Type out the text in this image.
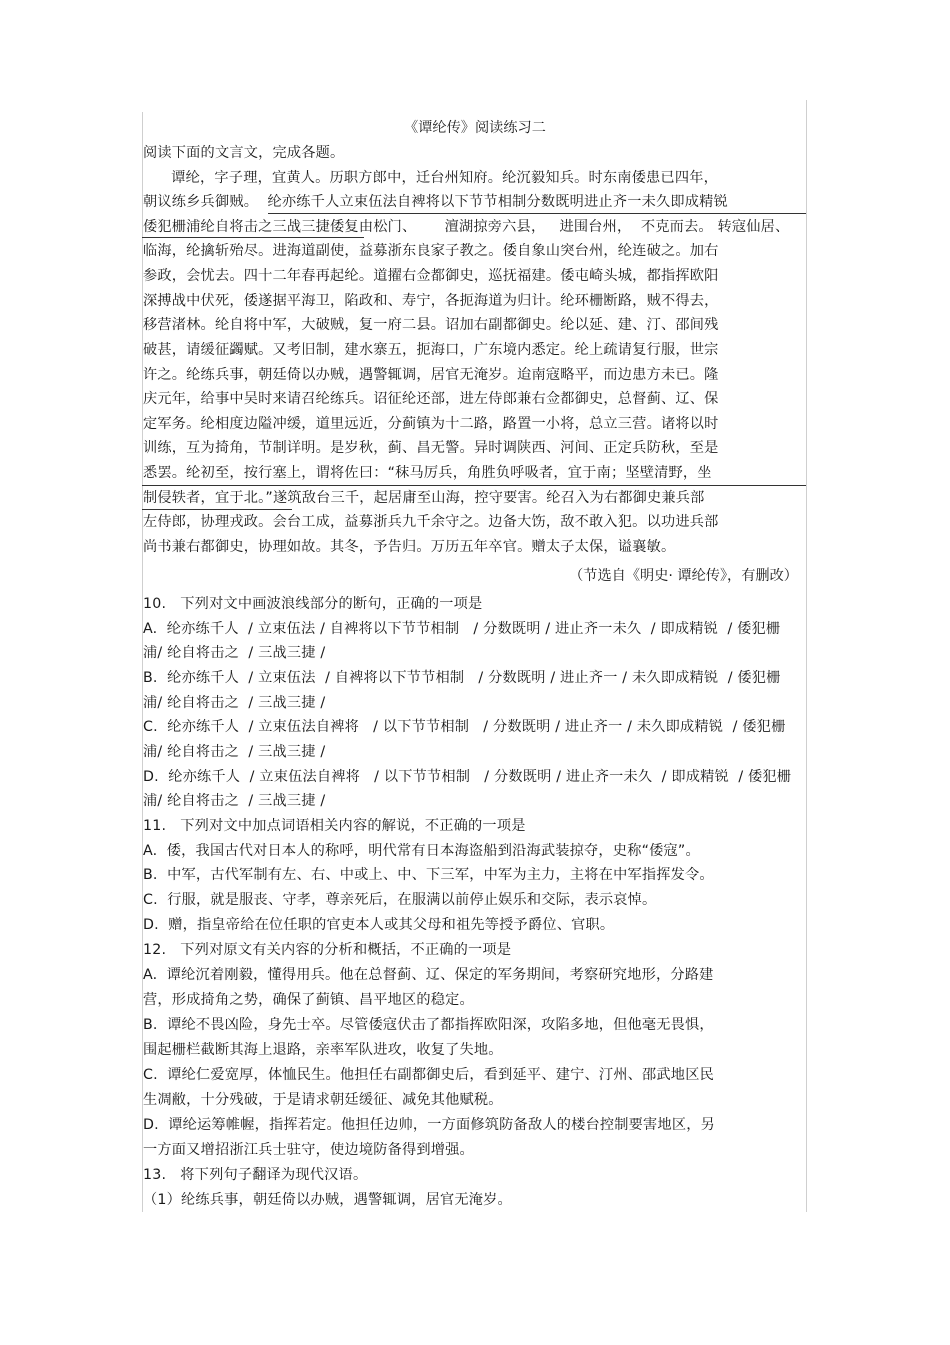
《谭纶传》阅读练习二
阅读下面的文言文，完成各题。
谭纶，字子理，宜黄人。历职方郎中，迁台州知府。纶沉毅知兵。时东南倭患已四年，
朝议练乡兵御贼。  纶亦练千人立束伍法自裨将以下节节相制分数既明进止齐一未久即成精锐
倭犯栅浦纶自将击之三战三捷倭复由松门、      澶湖掠旁六县，   进围台州，  不克而去。 转寇仙居、
临海，纶擒斩殆尽。进海道副使，益募浙东良家子教之。倭自象山突台州，纶连破之。加右
参政，会忧去。四十二年春再起纶。道擢右佥都御史，巡抚福建。倭屯崎头城，都指挥欧阳
深搏战中伏死，倭遂据平海卫，陷政和、寿宁，各扼海道为归计。纶环栅断路，贼不得去，
移营渚林。纶自将中军，大破贼，复一府二县。诏加右副都御史。纶以延、建、汀、邵间残
破甚，请缓征蠲赋。又考旧制，建水寨五，扼海口，广东境内悉定。纶上疏请复行服，世宗
许之。纶练兵事，朝廷倚以办贼，遇警辄调，居官无淹岁。迨南寇略平，而边患方未已。隆
庆元年，给事中吴时来请召纶练兵。诏征纶还部，进左侍郎兼右佥都御史，总督蓟、辽、保
定军务。纶相度边隘冲缓，道里远近，分蓟镇为十二路，路置一小将，总立三营。诸将以时
训练，互为掎角，节制详明。是岁秋，蓟、昌无警。异时调陕西、河间、正定兵防秋，至是
悉罢。纶初至，按行塞上，谓将佐曰：“秣马厉兵，角胜负呼吸者，宜于南；坚壁清野，坐
制侵轶者，宜于北。”遂筑敌台三千，起居庸至山海，控守要害。纶召入为右都御史兼兵部
左侍郎，协理戎政。会台工成，益募浙兵九千余守之。边备大饬，敌不敢入犯。以功进兵部
尚书兼右都御史，协理如故。其冬，予告归。万历五年卒官。赠太子太保，谥襄敏。
（节选自《明史· 谭纶传》，有删改）
10.   下列对文中画波浪线部分的断句，正确的一项是
A.  纶亦练千人  / 立束伍法 / 自裨将以下节节相制   / 分数既明 / 进止齐一未久  / 即成精锐  / 倭犯栅
浦/ 纶自将击之  / 三战三捷 /
B.  纶亦练千人  / 立束伍法  / 自裨将以下节节相制   / 分数既明 / 进止齐一 / 未久即成精锐  / 倭犯栅
浦/ 纶自将击之  / 三战三捷 /
C.  纶亦练千人  / 立束伍法自裨将   / 以下节节相制   / 分数既明 / 进止齐一 / 未久即成精锐  / 倭犯栅
浦/ 纶自将击之  / 三战三捷 /
D.  纶亦练千人  / 立束伍法自裨将   / 以下节节相制   / 分数既明 / 进止齐一未久  / 即成精锐  / 倭犯栅
浦/ 纶自将击之  / 三战三捷 /
11.   下列对文中加点词语相关内容的解说，不正确的一项是
A.  倭，我国古代对日本人的称呼，明代常有日本海盗船到沿海武装掠夺，史称“倭寇”。
B.  中军，古代军制有左、右、中或上、中、下三军，中军为主力，主将在中军指挥发令。
C.  行服，就是服丧、守孝，尊亲死后，在服满以前停止娱乐和交际，表示哀悼。
D.  赠，指皇帝给在位任职的官吏本人或其父母和祖先等授予爵位、官职。
12.   下列对原文有关内容的分析和概括，不正确的一项是
A.  谭纶沉着刚毅，懂得用兵。他在总督蓟、辽、保定的军务期间，考察研究地形，分路建
营，形成掎角之势，确保了蓟镇、昌平地区的稳定。
B.  谭纶不畏凶险，身先士卒。尽管倭寇伏击了都指挥欧阳深，攻陷多地，但他毫无畏惧，
围起栅栏截断其海上退路，亲率军队进攻，收复了失地。
C.  谭纶仁爱宽厚，体恤民生。他担任右副都御史后，看到延平、建宁、汀州、邵武地区民
生凋敝，十分残破，于是请求朝廷缓征、减免其他赋税。
D.  谭纶运筹帷幄，指挥若定。他担任边帅，一方面修筑防备敌人的楼台控制要害地区，另
一方面又增招浙江兵士驻守，使边境防备得到增强。
13.   将下列句子翻译为现代汉语。
（1）纶练兵事，朝廷倚以办贼，遇警辄调，居官无淹岁。
